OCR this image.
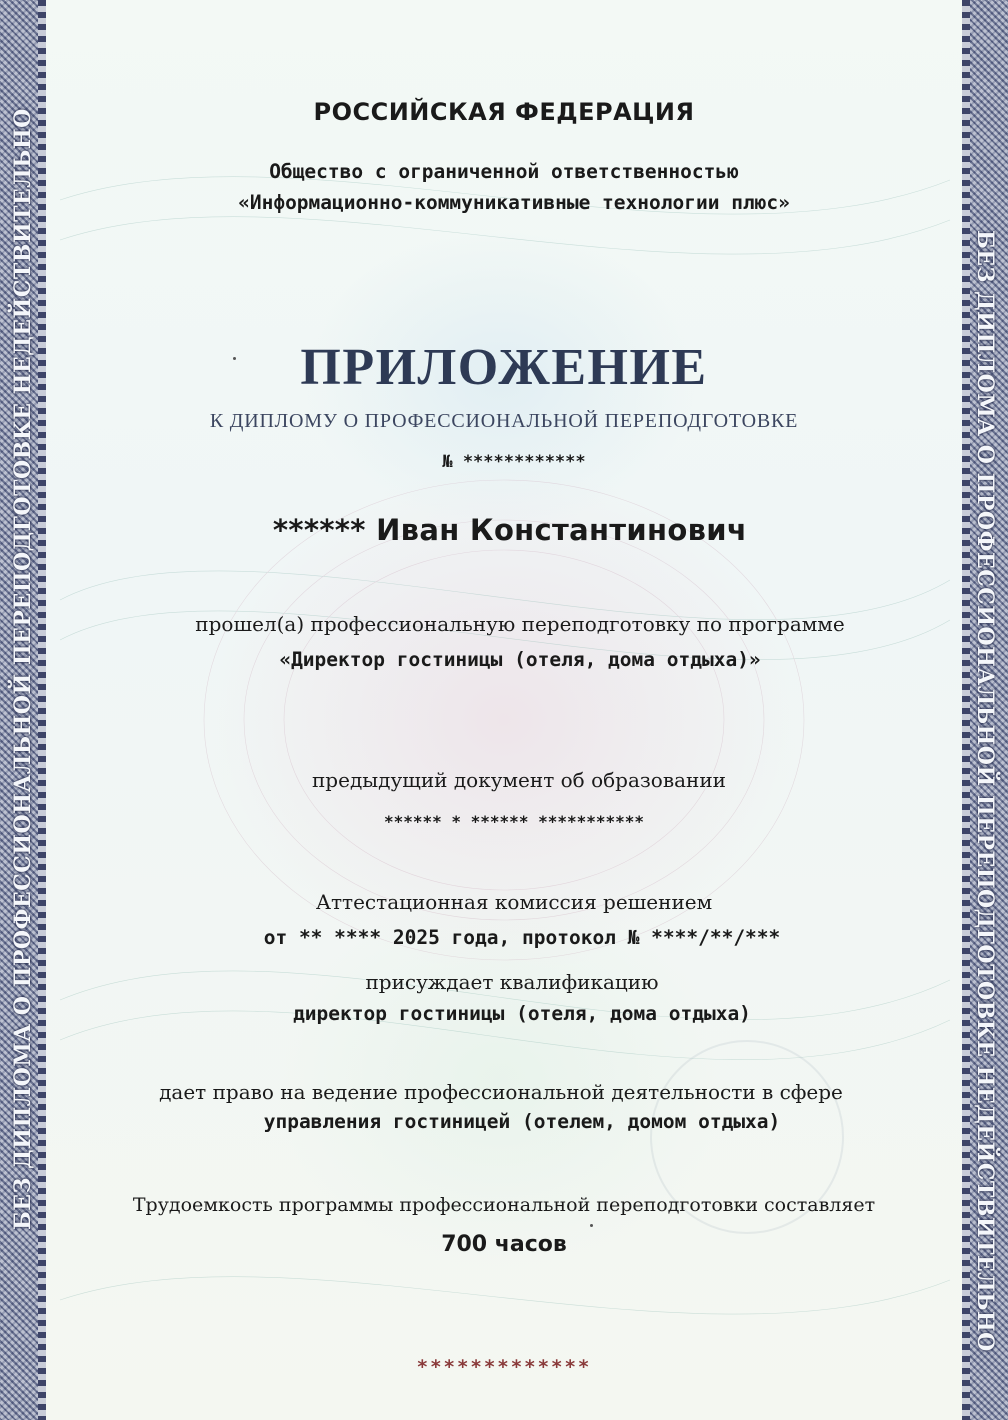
БЕЗ ДИПЛОМА О ПРОФЕССИОНАЛЬНОЙ ПЕРЕПОДГОТОВКЕ НЕДЕЙСТВИТЕЛЬНО	БЕЗ ДИПЛОМА О ПРОФЕССИОНАЛЬНОЙ ПЕРЕПОДГОТОВКЕ НЕДЕЙСТВИТЕЛЬНО
РОССИЙСКАЯ ФЕДЕРАЦИЯ
Общество с ограниченной ответственностью
«Информационно-коммуникативные технологии плюс»
ПРИЛОЖЕНИЕ
К ДИПЛОМУ О ПРОФЕССИОНАЛЬНОЙ ПЕРЕПОДГОТОВКЕ
№ ************
****** Иван Константинович
прошел(а) профессиональную переподготовку по программе
«Директор гостиницы (отеля, дома отдыха)»
предыдущий документ об образовании
****** * ****** ***********
Аттестационная комиссия решением
от ** **** 2025 года, протокол № ****/**/***
присуждает квалификацию
директор гостиницы (отеля, дома отдыха)
дает право на ведение профессиональной деятельности в сфере
управления гостиницей (отелем, домом отдыха)
Трудоемкость программы профессиональной переподготовки составляет
700 часов
*************
